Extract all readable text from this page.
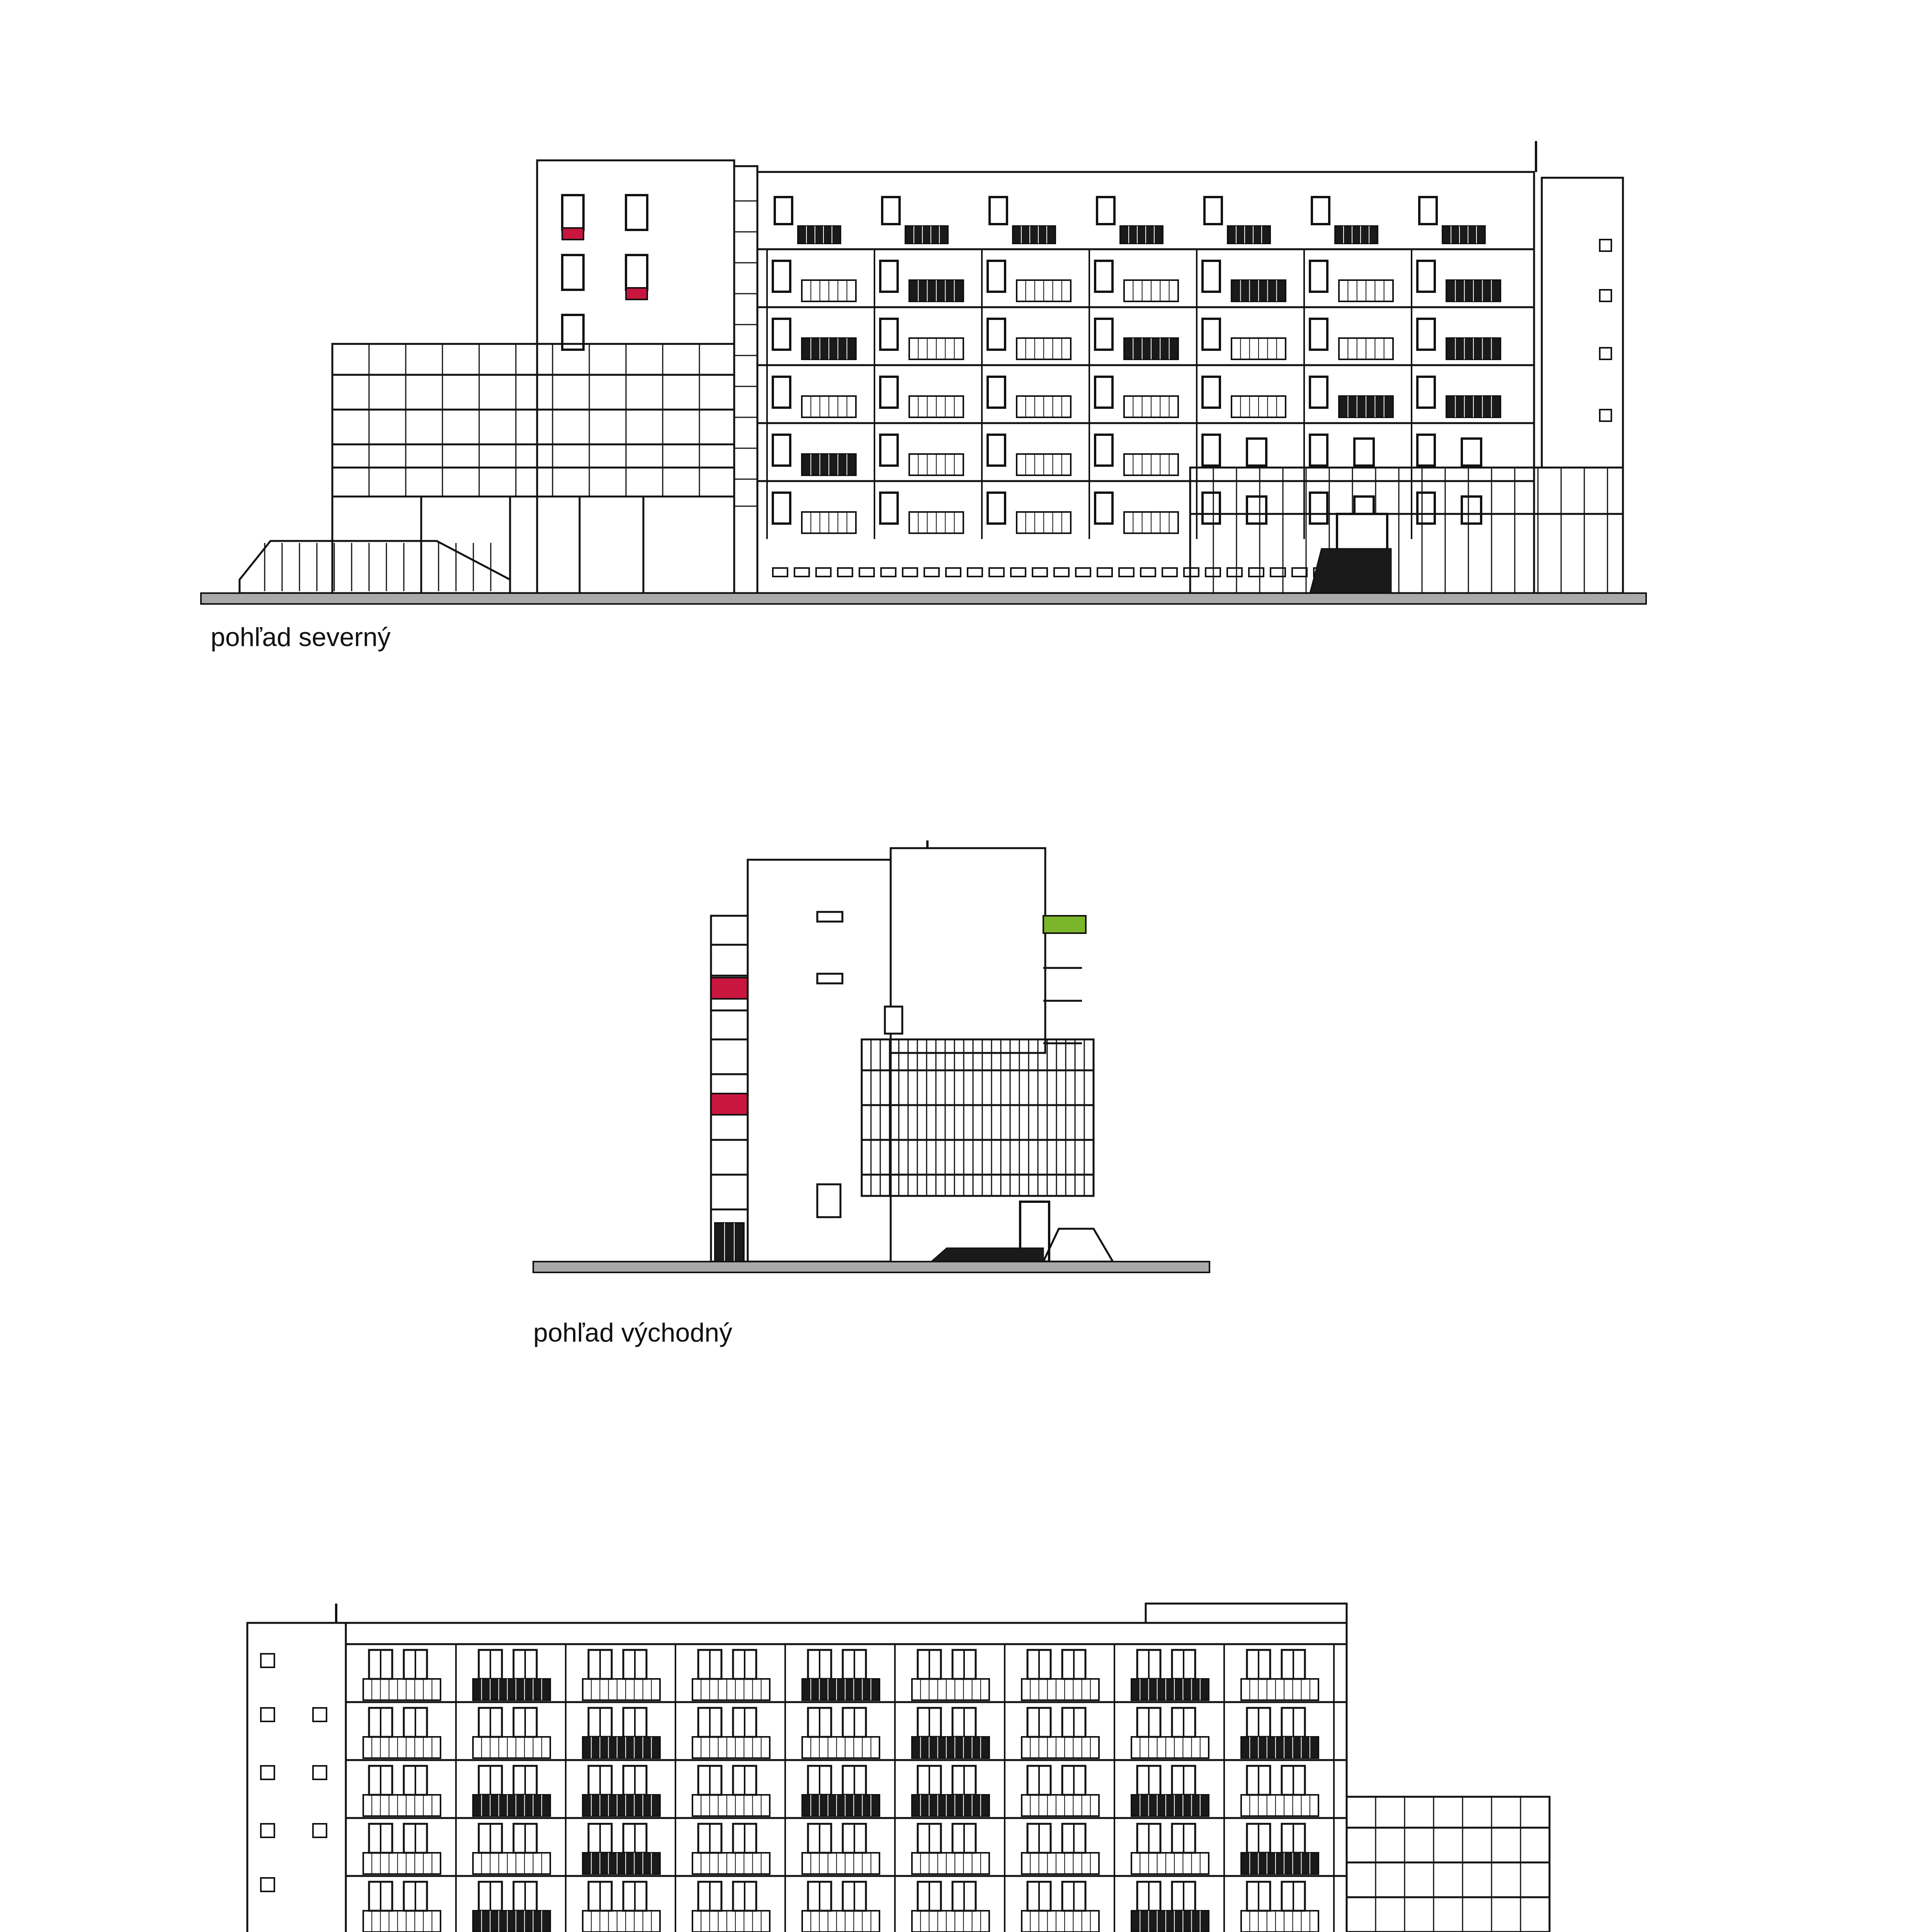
pohľad severný
pohľad východný
